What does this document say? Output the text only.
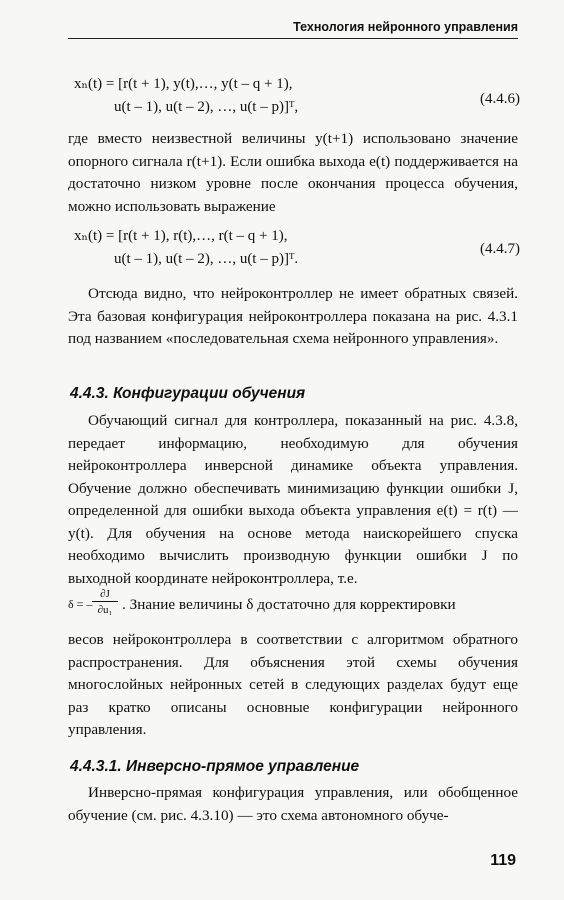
Технология нейронного управления
xₙ(t) = [r(t + 1), y(t),…, y(t – q + 1),
u(t – 1), u(t – 2), …, u(t – p)]ᵀ,	(4.4.6)

где вместо неизвестной величины y(t+1) использовано значение опорного сигнала r(t+1). Если ошибка выхода e(t) поддерживается на достаточно низком уровне после окончания процесса обучения, можно использовать выражение

xₙ(t) = [r(t + 1), r(t),…, r(t – q + 1),
u(t – 1), u(t – 2), …, u(t – p)]ᵀ.
(4.4.7)

Отсюда видно, что нейроконтроллер не имеет обратных связей. Эта базовая конфигурация нейроконтроллера показана на рис. 4.3.1 под названием «последовательная схема нейронного управления».

4.4.3. Конфигурации обучения

Обучающий сигнал для контроллера, показанный на рис. 4.3.8, передает информацию, необходимую для обучения нейроконтроллера инверсной динамике объекта управления. Обучение должно обеспечивать минимизацию функции ошибки J, определенной для ошибки выхода объекта управления e(t) = r(t) — y(t). Для обучения на основе метода наискорейшего спуска необходимо вычислить производную функции ошибки J по выходной координате нейроконтроллера, т.е.

δ = – $\frac{\partial J}{\text{∂u₁}}$ . Знание величины δ достаточно для корректировки

весов нейроконтроллера в соответствии с алгоритмом обратного распространения. Для объяснения этой схемы обучения многослойных нейронных сетей в следующих разделах будут еще раз кратко описаны основные конфигурации нейронного управления.

4.4.3.1. Инверсно-прямое управление

Инверсно-прямая конфигурация управления, или обобщенное обучение (см. рис. 4.3.10) — это схема автономного обуче-

119
